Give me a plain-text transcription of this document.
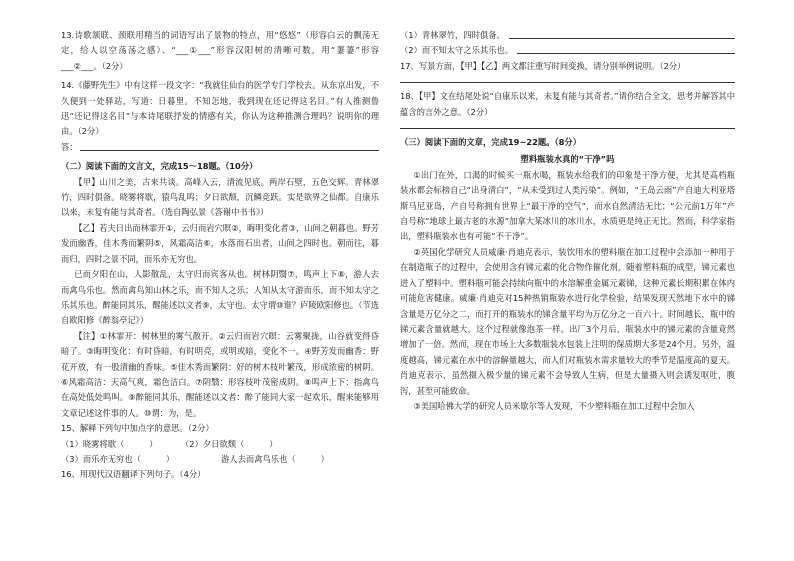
13.诗歌颔联、颈联用精当的词语写出了景物的特点，用“悠悠”（形容白云的飘荡无定，给人以空荡荡之感）、“___①___”形容汉阳树的清晰可数，用“萋萋”形容___②___。（2分）

14.《藤野先生》中有这样一段文字：“我就往仙台的医学专门学校去。从东京出发，不久便到一处驿站，写道：日暮里。不知怎地，我到现在还记得这名目。”有人推测鲁迅“还记得这名目”与本诗尾联抒发的情感有关，你认为这种推测合理吗？说明你的理由。（2分）

答：

（二）阅读下面的文言文，完成15～18题。（10分）

【甲】山川之美，古来共谈。高峰入云，清流见底。两岸石壁，五色交辉。青林翠竹，四时俱备。晓雾将歇，猿鸟乱鸣；夕日欲颓，沉鳞竞跃。实是欲界之仙都。自康乐以来，未复有能与其奇者。（选自陶弘景《答谢中书书》）

【乙】若夫日出而林霏开①，云归而岩穴暝②，晦明变化者③，山间之朝暮也。野芳发而幽香，佳木秀而繁阴⑤，风霜高洁⑥，水落而石出者，山间之四时也。朝而往，暮而归，四时之景不同，而乐亦无穷也。

已而夕阳在山，人影散乱，太守归而宾客从也。树林阴翳⑦，鸣声上下⑧，游人去而禽鸟乐也。然而禽鸟知山林之乐，而不知人之乐；人知从太守游而乐，而不知太守之乐其乐也。醉能同其乐，醒能述以文者⑨，太守也。太守谓⑩谁？庐陵欧阳修也。（节选自欧阳修《醉翁亭记》）

【注】①林霏开：树林里的雾气散开。②云归而岩穴暝：云雾聚拢，山谷就变得昏暗了。③晦明变化：有时昏暗，有时明亮，或明或暗，变化不一。④野芳发而幽香：野花开放，有一股清幽的香味。⑤佳木秀而繁阴：好的树木枝叶繁茂，形成浓密的树阴。⑥风霜高洁：天高气爽，霜色洁白。⑦阴翳：形容枝叶茂密成阴。⑧鸣声上下：指禽鸟在高处低处鸣叫。⑨醉能同其乐，醒能述以文者：醉了能同大家一起欢乐，醒来能够用文章记述这件事的人。⑩谓：为，是。

15、解释下列句中加点字的意思。（2分）

（1）晓雾将歇（　　　）	（2）夕日欲颓（　　　）
（3）而乐亦无穷也（　　　）	游人去而禽鸟乐也（　　　）

16、用现代汉语翻译下列句子。（4分）

（1）青林翠竹，四时俱备。
（2）而不知太守之乐其乐也。

17、写景方面，【甲】【乙】两文都注重写时间变换，请分别举例说明。（2分）

18、【甲】文在结尾处说“自康乐以来，未复有能与其奇者。”请你结合全文，思考并解答其中蕴含的言外之意。（2分）

（三）阅读下面的文章，完成19~22题。（8分）

塑料瓶装水真的“干净”吗

①出门在外，口渴的时候买一瓶水喝，瓶装水给我们的印象是干净方便，尤其是高档瓶装水都会标榜自己“出身清白”，“从未受到过人类污染”。例如，“王岛云雨”产自迪大利亚塔斯马尼亚岛，产自号称拥有世界上“最干净的空气”，而水自然清洁无比；“公元前1万年”产自号称“地球上最古老的水源”加拿大某冰川的冰川水，水质更是纯正无比。然而，科学家指出，塑料瓶装水也有可能“不干净”。

②英国化学研究人员威廉·肖迪克表示，装饮用水的塑料瓶在加工过程中会添加一种用于在制造瓶子的过程中，会使用含有锑元素的化合物作催化剂，随着塑料瓶的成型，锑元素也进入了塑料中。塑料瓶可能会持续向瓶中的水溶解重金属元素锑，这种元素长期积累在体内可能危害健康。威廉·肖迪克对15种热销瓶装水进行化学检验，结果发现天然地下水中的锑含量是万亿分之二，而打开的瓶装水的锑含量平均为万亿分之一百六十。时间越长，瓶中的锑元素含量就越大，这个过程就像泡茶一样。出厂3个月后，瓶装水中的锑元素的含量竟然增加了一倍。然而，现在市场上大多数瓶装水包装上注明的保质期大多是24个月。另外，温度越高，锑元素在水中的溶解量越大，而人们对瓶装水需求量较大的季节是温度高的夏天。肖迪克表示，虽然摄入极少量的锑元素不会导致人生病，但是大量摄入则会诱发呕吐，腹泻，甚至可能致命。

③美国哈佛大学的研究人员米歇尔等人发现，不少塑料瓶在加工过程中会加入
